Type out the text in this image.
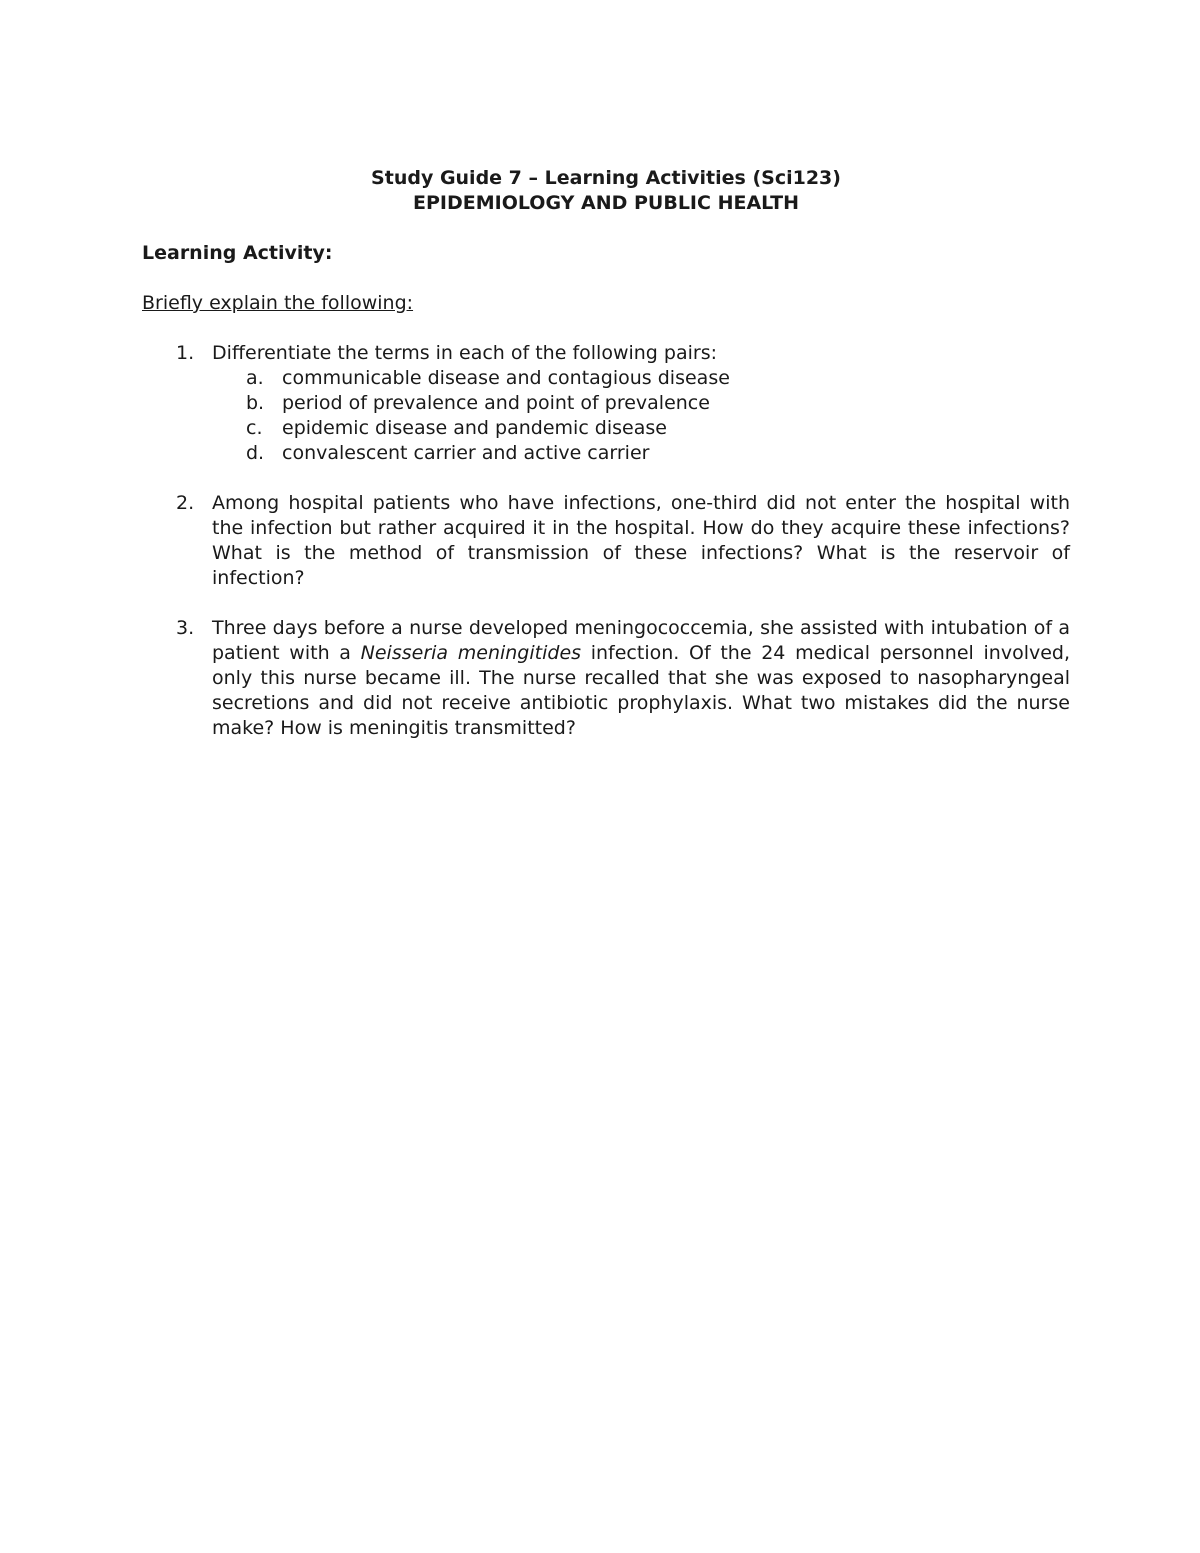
Study Guide 7 – Learning Activities (Sci123)
EPIDEMIOLOGY AND PUBLIC HEALTH
Learning Activity:
Briefly explain the following:
1. Differentiate the terms in each of the following pairs:
a. communicable disease and contagious disease
b. period of prevalence and point of prevalence
c. epidemic disease and pandemic disease
d. convalescent carrier and active carrier
2. Among hospital patients who have infections, one-third did not enter the hospital with the infection but rather acquired it in the hospital. How do they acquire these infections? What is the method of transmission of these infections? What is the reservoir of infection?
3. Three days before a nurse developed meningococcemia, she assisted with intubation of a patient with a Neisseria meningitides infection. Of the 24 medical personnel involved, only this nurse became ill. The nurse recalled that she was exposed to nasopharyngeal secretions and did not receive antibiotic prophylaxis. What two mistakes did the nurse make? How is meningitis transmitted?
